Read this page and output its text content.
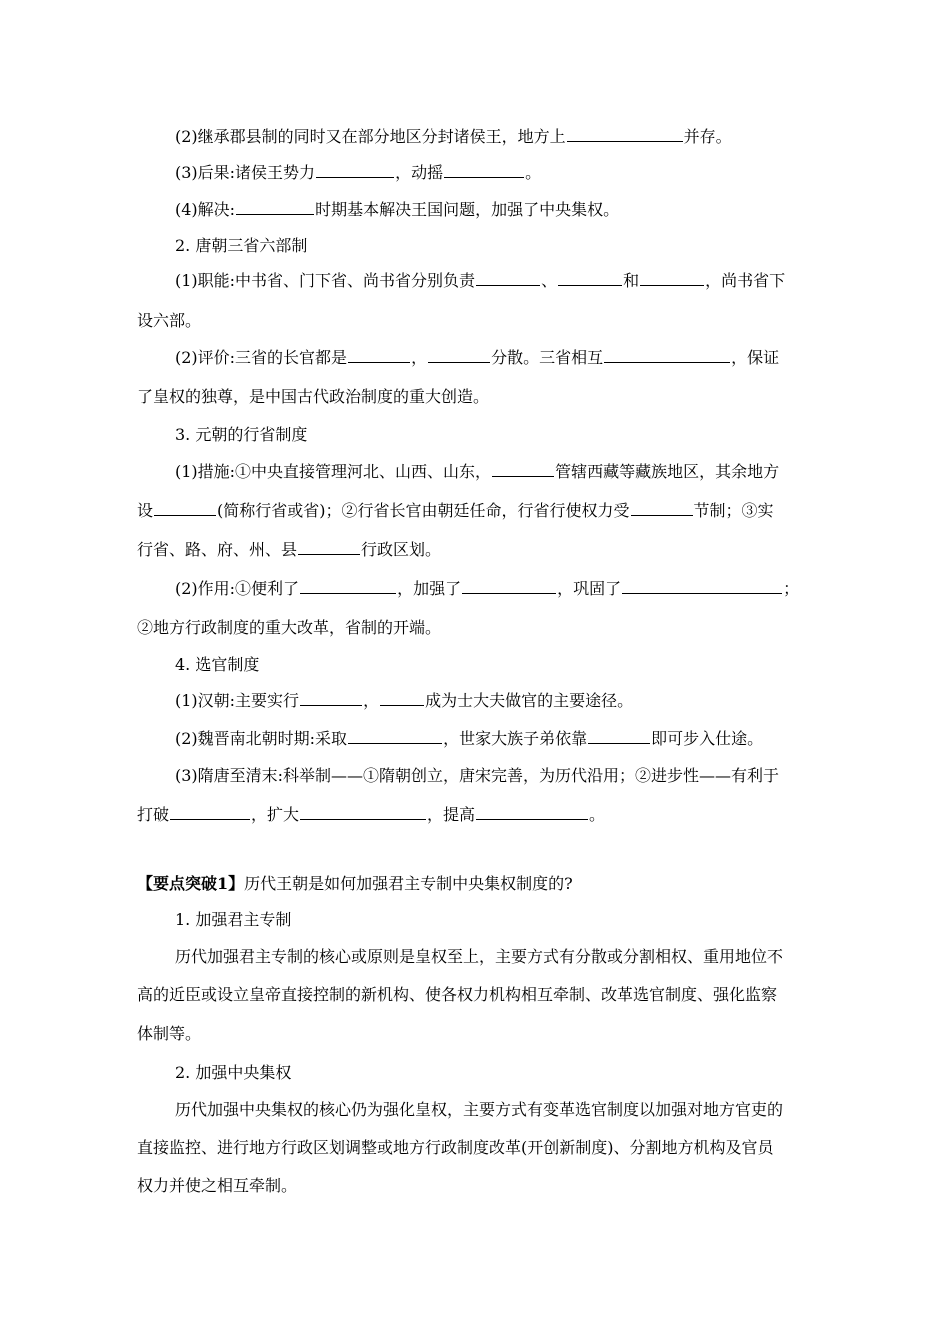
(2)继承郡县制的同时又在部分地区分封诸侯王，地方上	并存。
(3)后果:诸侯王势力	，动摇	。
(4)解决:	时期基本解决王国问题，加强了中央集权。
2. 唐朝三省六部制
(1)职能:中书省、门下省、尚书省分别负责	、	和	，尚书省下
设六部。
(2)评价:三省的长官都是	，	分散。三省相互	，保证
了皇权的独尊，是中国古代政治制度的重大创造。
3. 元朝的行省制度
(1)措施:①中央直接管理河北、山西、山东，	管辖西藏等藏族地区，其余地方
设	(简称行省或省)；②行省长官由朝廷任命，行省行使权力受	节制；③实
行省、路、府、州、县	行政区划。
(2)作用:①便利了	，加强了	，巩固了	；
②地方行政制度的重大改革，省制的开端。
4. 选官制度
(1)汉朝:主要实行	，	成为士大夫做官的主要途径。
(2)魏晋南北朝时期:采取	，世家大族子弟依靠	即可步入仕途。
(3)隋唐至清末:科举制——①隋朝创立，唐宋完善，为历代沿用；②进步性——有利于
打破	，扩大	，提高	。
【要点突破1】历代王朝是如何加强君主专制中央集权制度的?
1. 加强君主专制
历代加强君主专制的核心或原则是皇权至上，主要方式有分散或分割相权、重用地位不
高的近臣或设立皇帝直接控制的新机构、使各权力机构相互牵制、改革选官制度、强化监察
体制等。
2. 加强中央集权
历代加强中央集权的核心仍为强化皇权，主要方式有变革选官制度以加强对地方官吏的
直接监控、进行地方行政区划调整或地方行政制度改革(开创新制度)、分割地方机构及官员
权力并使之相互牵制。
